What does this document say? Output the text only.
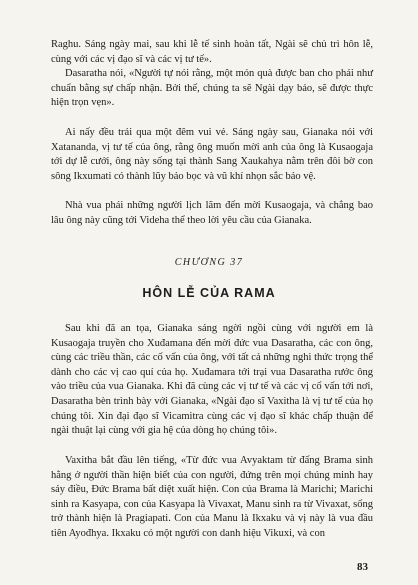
Raghu. Sáng ngày mai, sau khi lễ tế sinh hoàn tất, Ngài sẽ chủ trì hôn lễ, cùng với các vị đạo sĩ và các vị tư tế».

Dasaratha nói, «Người tự nói rằng, một món quà được ban cho phải như chuẩn bằng sự chấp nhận. Bởi thế, chúng ta sẽ Ngài dạy bảo, sẽ được thực hiện trọn vẹn».

Ai nấy đều trải qua một đêm vui vẻ. Sáng ngày sau, Gianaka nói với Xatananda, vị tư tế của ông, rằng ông muốn mời anh của ông là Kusaogaja tới dự lễ cưới, ông này sống tại thành Sang Xaukahya nằm trên đôi bờ con sông Ikxumati có thành lũy bảo bọc và vũ khí nhọn sắc bảo vệ.

Nhà vua phái những người lịch lãm đến mời Kusaogaja, và chẳng bao lâu ông này cũng tới Videha thể theo lời yêu cầu của Gianaka.

CHƯƠNG 37
HÔN LỄ CỦA RAMA

Sau khi đã an tọa, Gianaka sáng ngời ngồi cùng với người em là Kusaogaja truyền cho Xuđamana đến mời đức vua Dasaratha, các con ông, cùng các triều thần, các cố vấn của ông, với tất cả những nghi thức trọng thể dành cho các vị cao quí của họ. Xuđamara tới trại vua Dasaratha rước ông vào triều của vua Gianaka. Khi đã cùng các vị tư tế và các vị cố vấn tới nơi, Dasaratha bèn trình bày với Gianaka, «Ngài đạo sĩ Vaxitha là vị tư tế của họ chúng tôi. Xin đại đạo sĩ Vicamitra cùng các vị đạo sĩ khác chấp thuận để ngài thuật lại cùng với gia hệ của dòng họ chúng tôi».

Vaxitha bắt đầu lên tiếng, «Từ đức vua Avyaktam từ đấng Brama sinh hằng ở người thần hiện biết của con người, đứng trên mọi chúng minh hay sáy điều, Đức Brama bất diệt xuất hiện. Con của Brama là Marichi; Marichi sinh ra Kasyapa, con của Kasyapa là Vivaxat, Manu sinh ra từ Vivaxat, sống trở thành hiện là Pragiapati. Con của Manu là Ikxaku và vị này là vua đầu tiên Ayođhya. Ikxaku có một người con danh hiệu Vikuxi, và con

83
